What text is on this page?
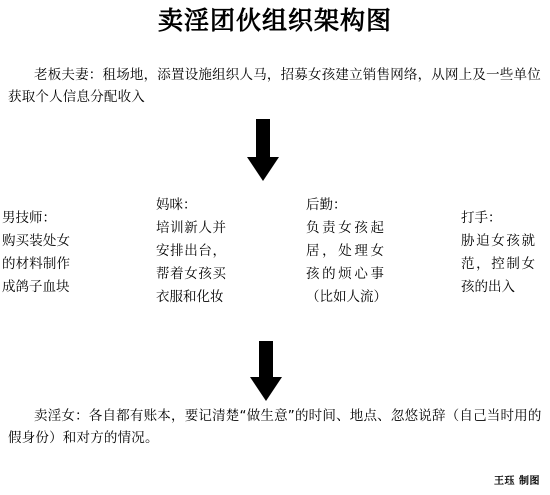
卖淫团伙组织架构图
老板夫妻：租场地，添置设施组织人马，招募女孩建立销售网络，从网上及一些单位获取个人信息分配收入
男技师：
购买装处女的材料制作成鸽子血块
妈咪：
培训新人并安排出台，帮着女孩买衣服和化妆
后勤：
负责女孩起居，处理女孩的烦心事（比如人流）
打手：
胁迫女孩就范，控制女孩的出入
卖淫女：各自都有账本，要记清楚“做生意”的时间、地点、忽悠说辞（自己当时用的假身份）和对方的情况。
王珏 制图
